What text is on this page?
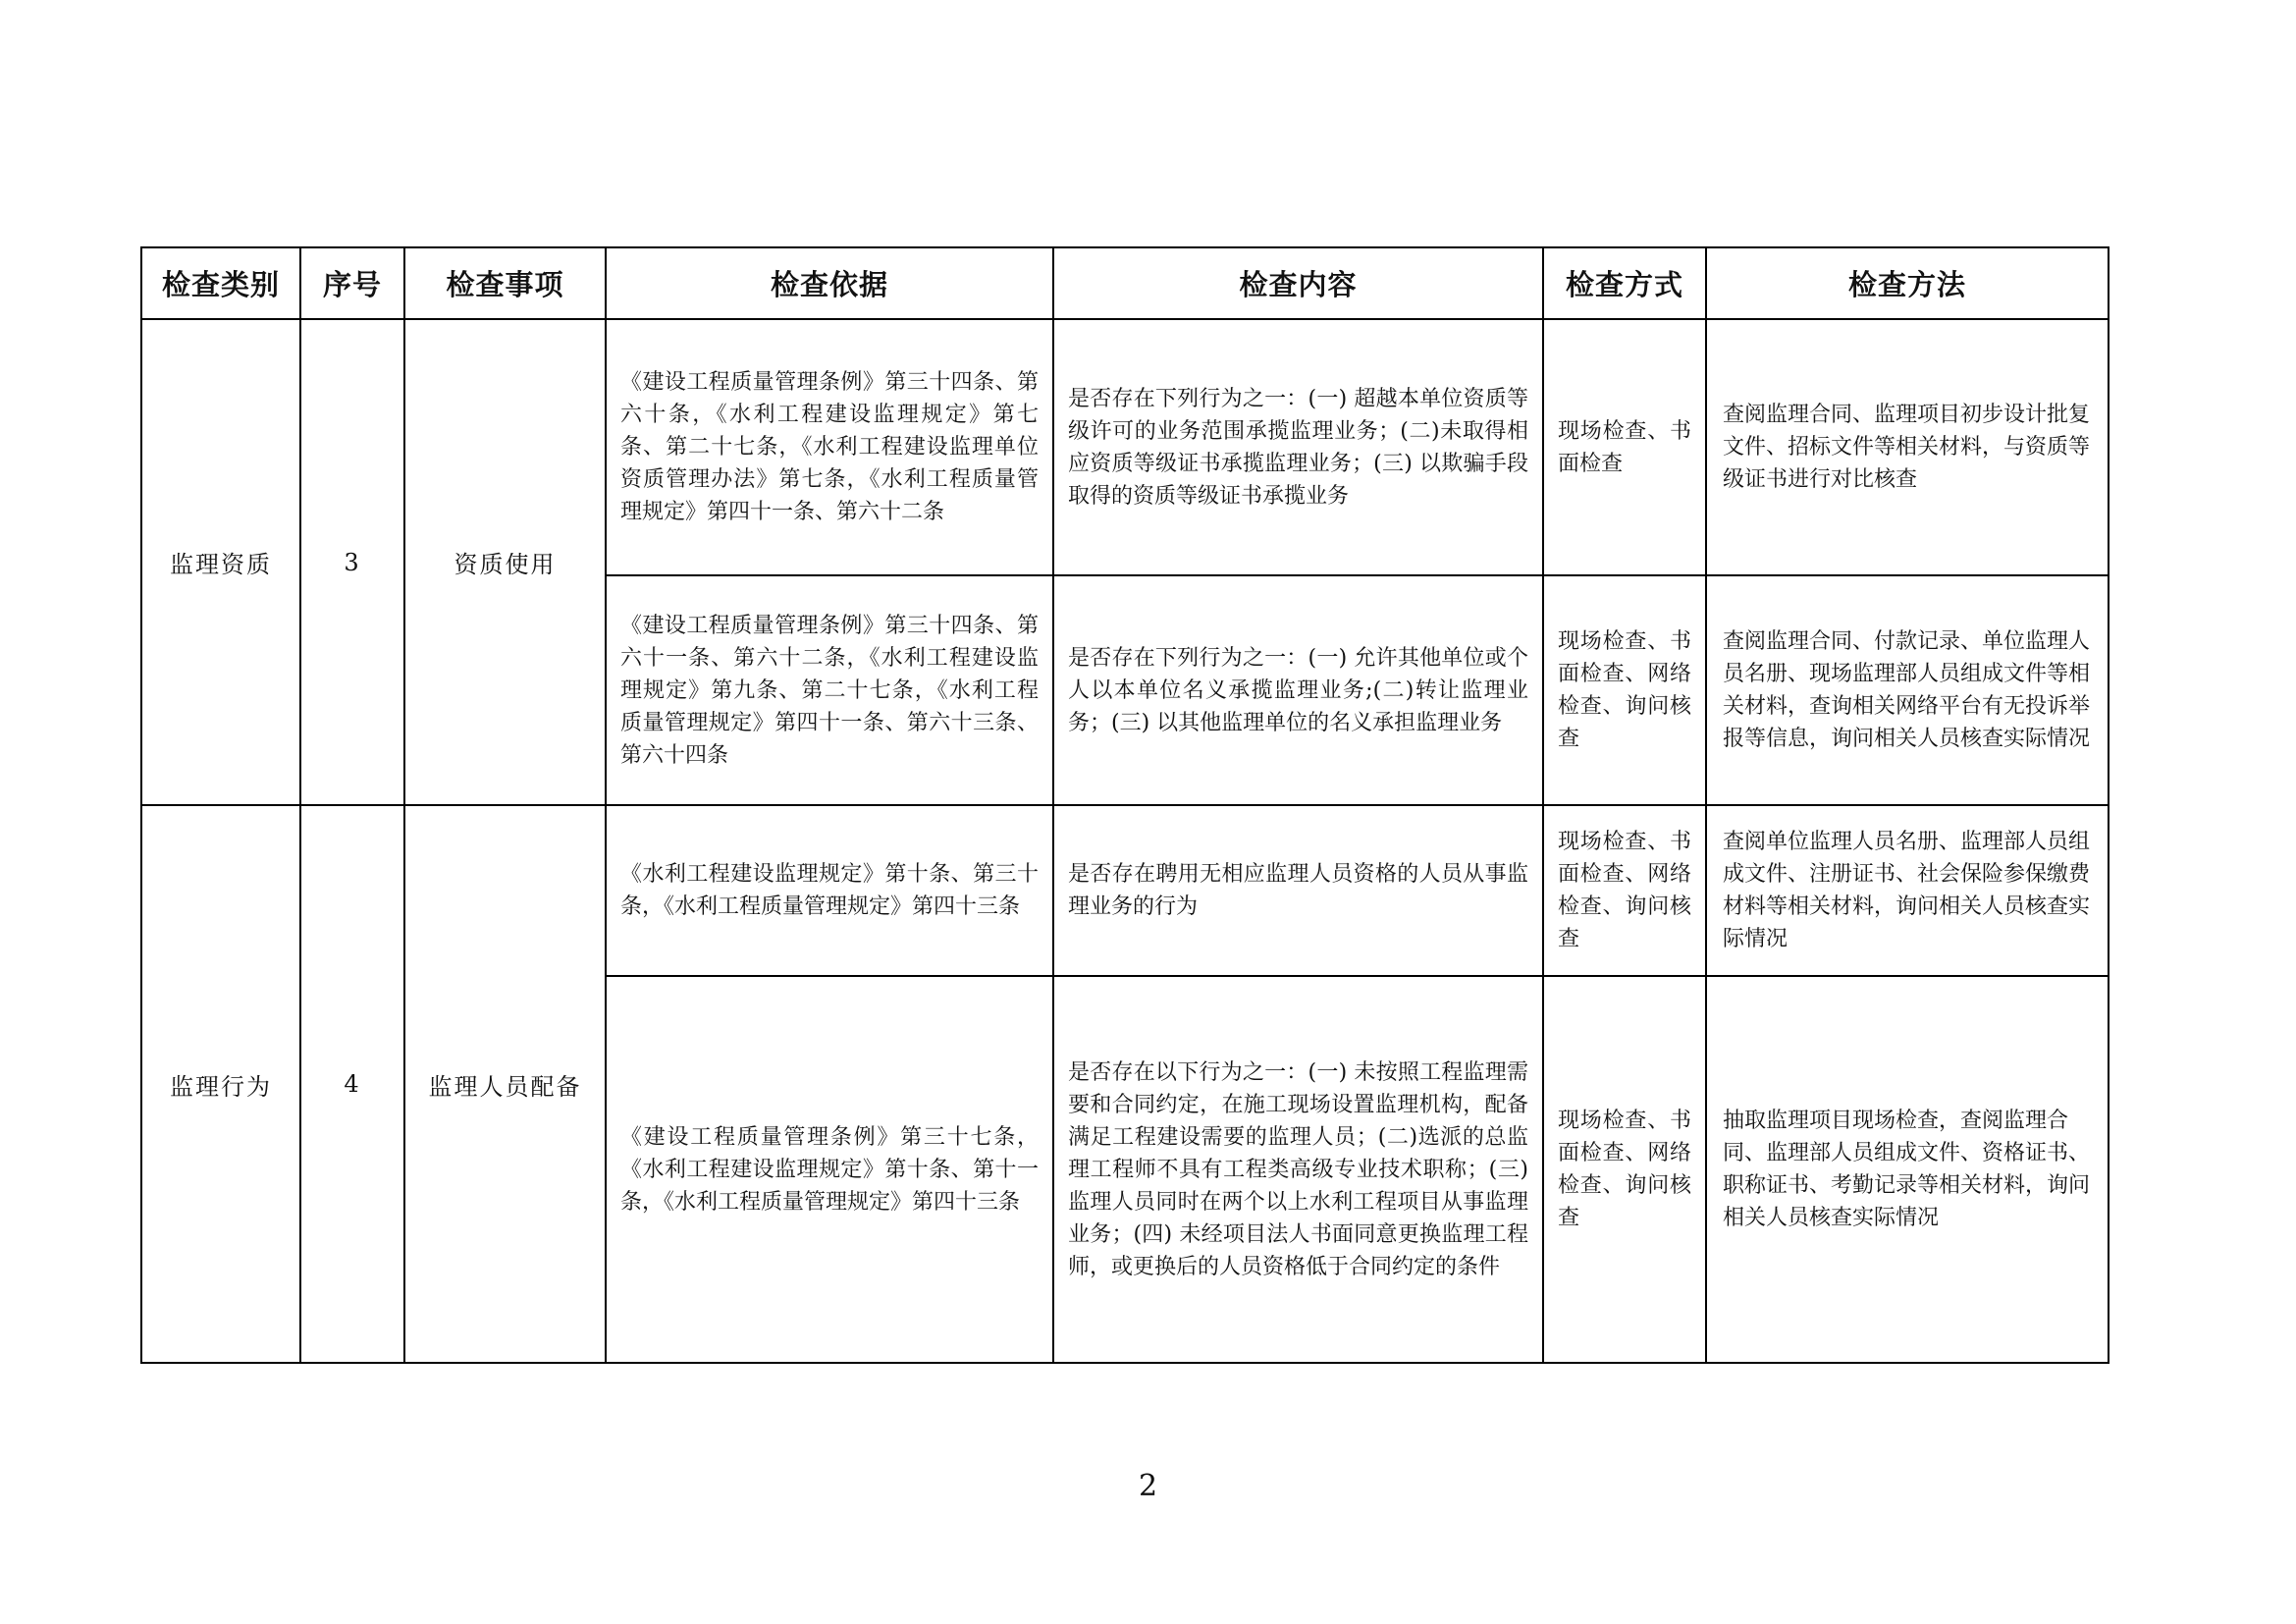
检查类别	序号	检查事项	检查依据	检查内容	检查方式	检查方法
监理资质	3	资质使用	《建设工程质量管理条例》第三十四条、第六十条，《水利工程建设监理规定》第七条、第二十七条，《水利工程建设监理单位资质管理办法》第七条，《水利工程质量管理规定》第四十一条、第六十二条	是否存在下列行为之一：(一) 超越本单位资质等级许可的业务范围承揽监理业务；(二)未取得相应资质等级证书承揽监理业务；(三) 以欺骗手段取得的资质等级证书承揽业务	现场检查、书面检查	查阅监理合同、监理项目初步设计批复文件、招标文件等相关材料，与资质等级证书进行对比核查
			《建设工程质量管理条例》第三十四条、第六十一条、第六十二条，《水利工程建设监理规定》第九条、第二十七条，《水利工程质量管理规定》第四十一条、第六十三条、第六十四条	是否存在下列行为之一：(一) 允许其他单位或个人以本单位名义承揽监理业务;(二)转让监理业务；(三) 以其他监理单位的名义承担监理业务	现场检查、书面检查、网络检查、询问核查	查阅监理合同、付款记录、单位监理人员名册、现场监理部人员组成文件等相关材料，查询相关网络平台有无投诉举报等信息，询问相关人员核查实际情况
监理行为	4	监理人员配备	《水利工程建设监理规定》第十条、第三十条，《水利工程质量管理规定》第四十三条	是否存在聘用无相应监理人员资格的人员从事监理业务的行为	现场检查、书面检查、网络检查、询问核查	查阅单位监理人员名册、监理部人员组成文件、注册证书、社会保险参保缴费材料等相关材料，询问相关人员核查实际情况
			《建设工程质量管理条例》第三十七条，《水利工程建设监理规定》第十条、第十一条，《水利工程质量管理规定》第四十三条	是否存在以下行为之一：(一) 未按照工程监理需要和合同约定，在施工现场设置监理机构，配备满足工程建设需要的监理人员；(二)选派的总监理工程师不具有工程类高级专业技术职称；(三) 监理人员同时在两个以上水利工程项目从事监理业务；(四) 未经项目法人书面同意更换监理工程师，或更换后的人员资格低于合同约定的条件	现场检查、书面检查、网络检查、询问核查	抽取监理项目现场检查，查阅监理合同、监理部人员组成文件、资格证书、职称证书、考勤记录等相关材料，询问相关人员核查实际情况
2
